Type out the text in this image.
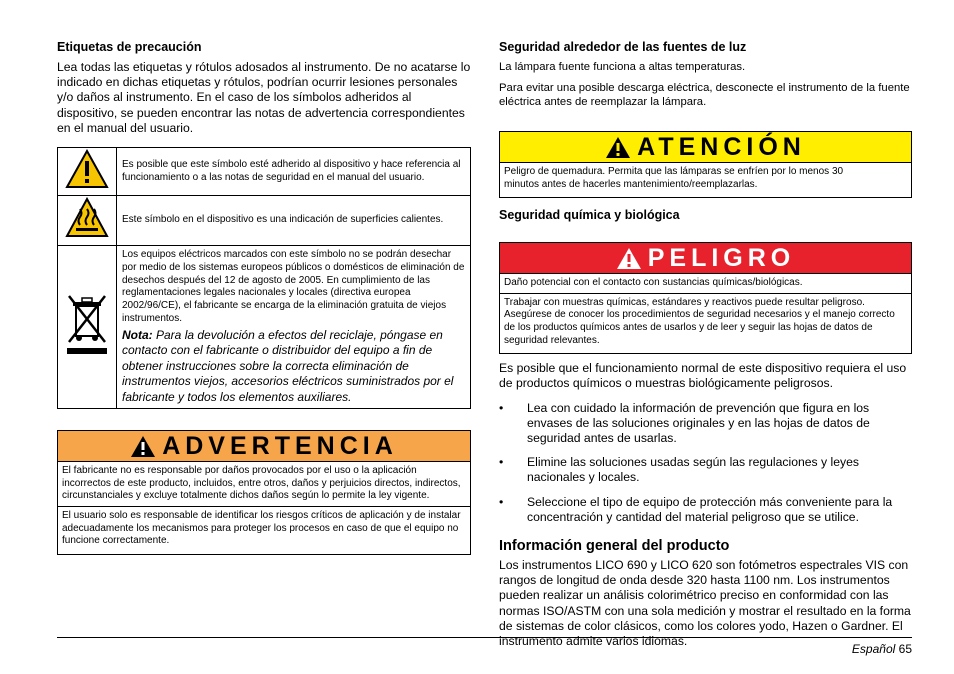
Etiquetas de precaución

Lea todas las etiquetas y rótulos adosados al instrumento. De no acatarse lo indicado en dichas etiquetas y rótulos, podrían ocurrir lesiones personales y/o daños al instrumento. En el caso de los símbolos adheridos al dispositivo, se pueden encontrar las notas de advertencia correspondientes en el manual del usuario.

	Es posible que este símbolo esté adherido al dispositivo y hace referencia al funcionamiento o a las notas de seguridad en el manual del usuario.
	Este símbolo en el dispositivo es una indicación de superficies calientes.

Los equipos eléctricos marcados con este símbolo no se podrán desechar por medio de los sistemas europeos públicos o domésticos de eliminación de desechos después del 12 de agosto de 2005. En cumplimiento de las reglamentaciones legales nacionales y locales (directiva europea 2002/96/CE), el fabricante se encarga de la eliminación gratuita de viejos instrumentos.
Nota: Para la devolución a efectos del reciclaje, póngase en contacto con el fabricante o distribuidor del equipo a fin de obtener instrucciones sobre la correcta eliminación de instrumentos viejos, accesorios eléctricos suministrados por el fabricante y todos los elementos auxiliares.
ADVERTENCIA
El fabricante no es responsable por daños provocados por el uso o la aplicación incorrectos de este producto, incluidos, entre otros, daños y perjuicios directos, indirectos, circunstanciales y excluye totalmente dichos daños según lo permite la ley vigente.
El usuario solo es responsable de identificar los riesgos críticos de aplicación y de instalar adecuadamente los mecanismos para proteger los procesos en caso de que el equipo no funcione correctamente.
Seguridad alrededor de las fuentes de luz

La lámpara fuente funciona a altas temperaturas.

Para evitar una posible descarga eléctrica, desconecte el instrumento de la fuente eléctrica antes de reemplazar la lámpara.

ATENCIÓN
Peligro de quemadura. Permita que las lámparas se enfríen por lo menos 30 minutos antes de hacerles mantenimiento/reemplazarlas.
Seguridad química y biológica
PELIGRO
Daño potencial con el contacto con sustancias químicas/biológicas.
Trabajar con muestras químicas, estándares y reactivos puede resultar peligroso. Asegúrese de conocer los procedimientos de seguridad necesarios y el manejo correcto de los productos químicos antes de usarlos y de leer y seguir las hojas de datos de seguridad relevantes.

Es posible que el funcionamiento normal de este dispositivo requiera el uso de productos químicos o muestras biológicamente peligrosos.

• Lea con cuidado la información de prevención que figura en los envases de las soluciones originales y en las hojas de datos de seguridad antes de usarlas.
• Elimine las soluciones usadas según las regulaciones y leyes nacionales y locales.
• Seleccione el tipo de equipo de protección más conveniente para la concentración y cantidad del material peligroso que se utilice.
Información general del producto

Los instrumentos LICO 690 y LICO 620 son fotómetros espectrales VIS con rangos de longitud de onda desde 320 hasta 1100 nm. Los instrumentos pueden realizar un análisis colorimétrico preciso en conformidad con las normas ISO/ASTM con una sola medición y mostrar el resultado en la forma de sistemas de color clásicos, como los colores yodo, Hazen o Gardner. El instrumento admite varios idiomas.

Español 65
